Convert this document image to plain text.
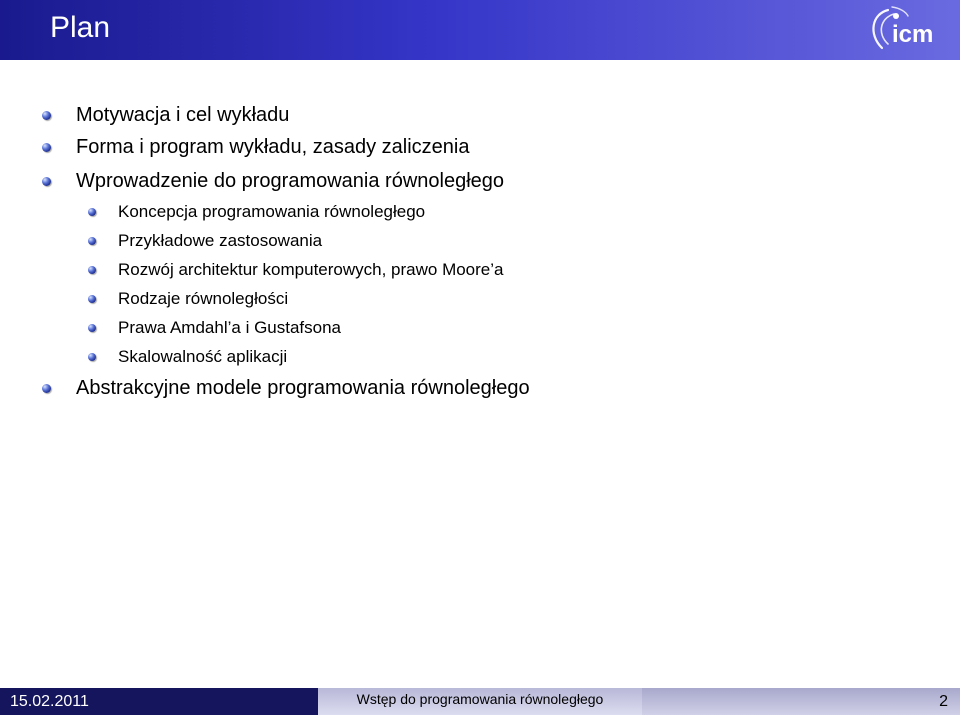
Plan	icm
Motywacja i cel wykładu
Forma i program wykładu, zasady zaliczenia
Wprowadzenie do programowania równoległego
Koncepcja programowania równoległego
Przykładowe zastosowania
Rozwój architektur komputerowych, prawo Moore’a
Rodzaje równoległości
Prawa Amdahl’a i Gustafsona
Skalowalność aplikacji
Abstrakcyjne modele programowania równoległego
15.02.2011	Wstęp do programowania równoległego	2
